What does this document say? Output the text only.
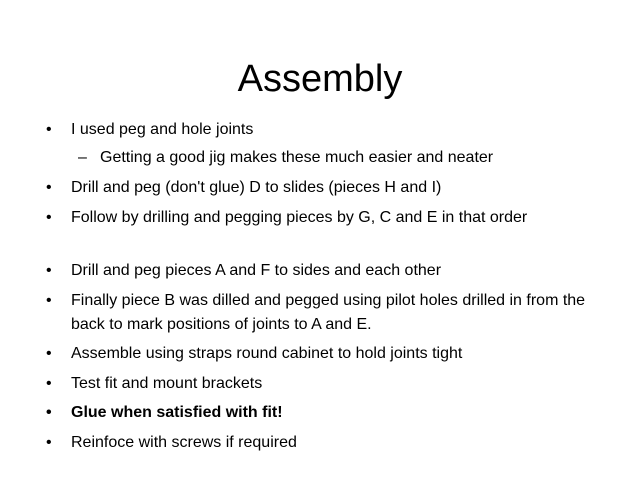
Assembly
• I used peg and hole joints
– Getting a good jig makes these much easier and neater
• Drill and peg (don't glue) D to slides (pieces H and I)
• Follow by drilling and pegging pieces by G, C and E in that order
• Drill and peg pieces A and F to sides and each other
• Finally piece B was dilled and pegged using pilot holes drilled in from the back to mark positions of joints to A and E.
• Assemble using straps round cabinet to hold joints tight
• Test fit and mount brackets
• Glue when satisfied with fit!
• Reinfoce with screws if required
